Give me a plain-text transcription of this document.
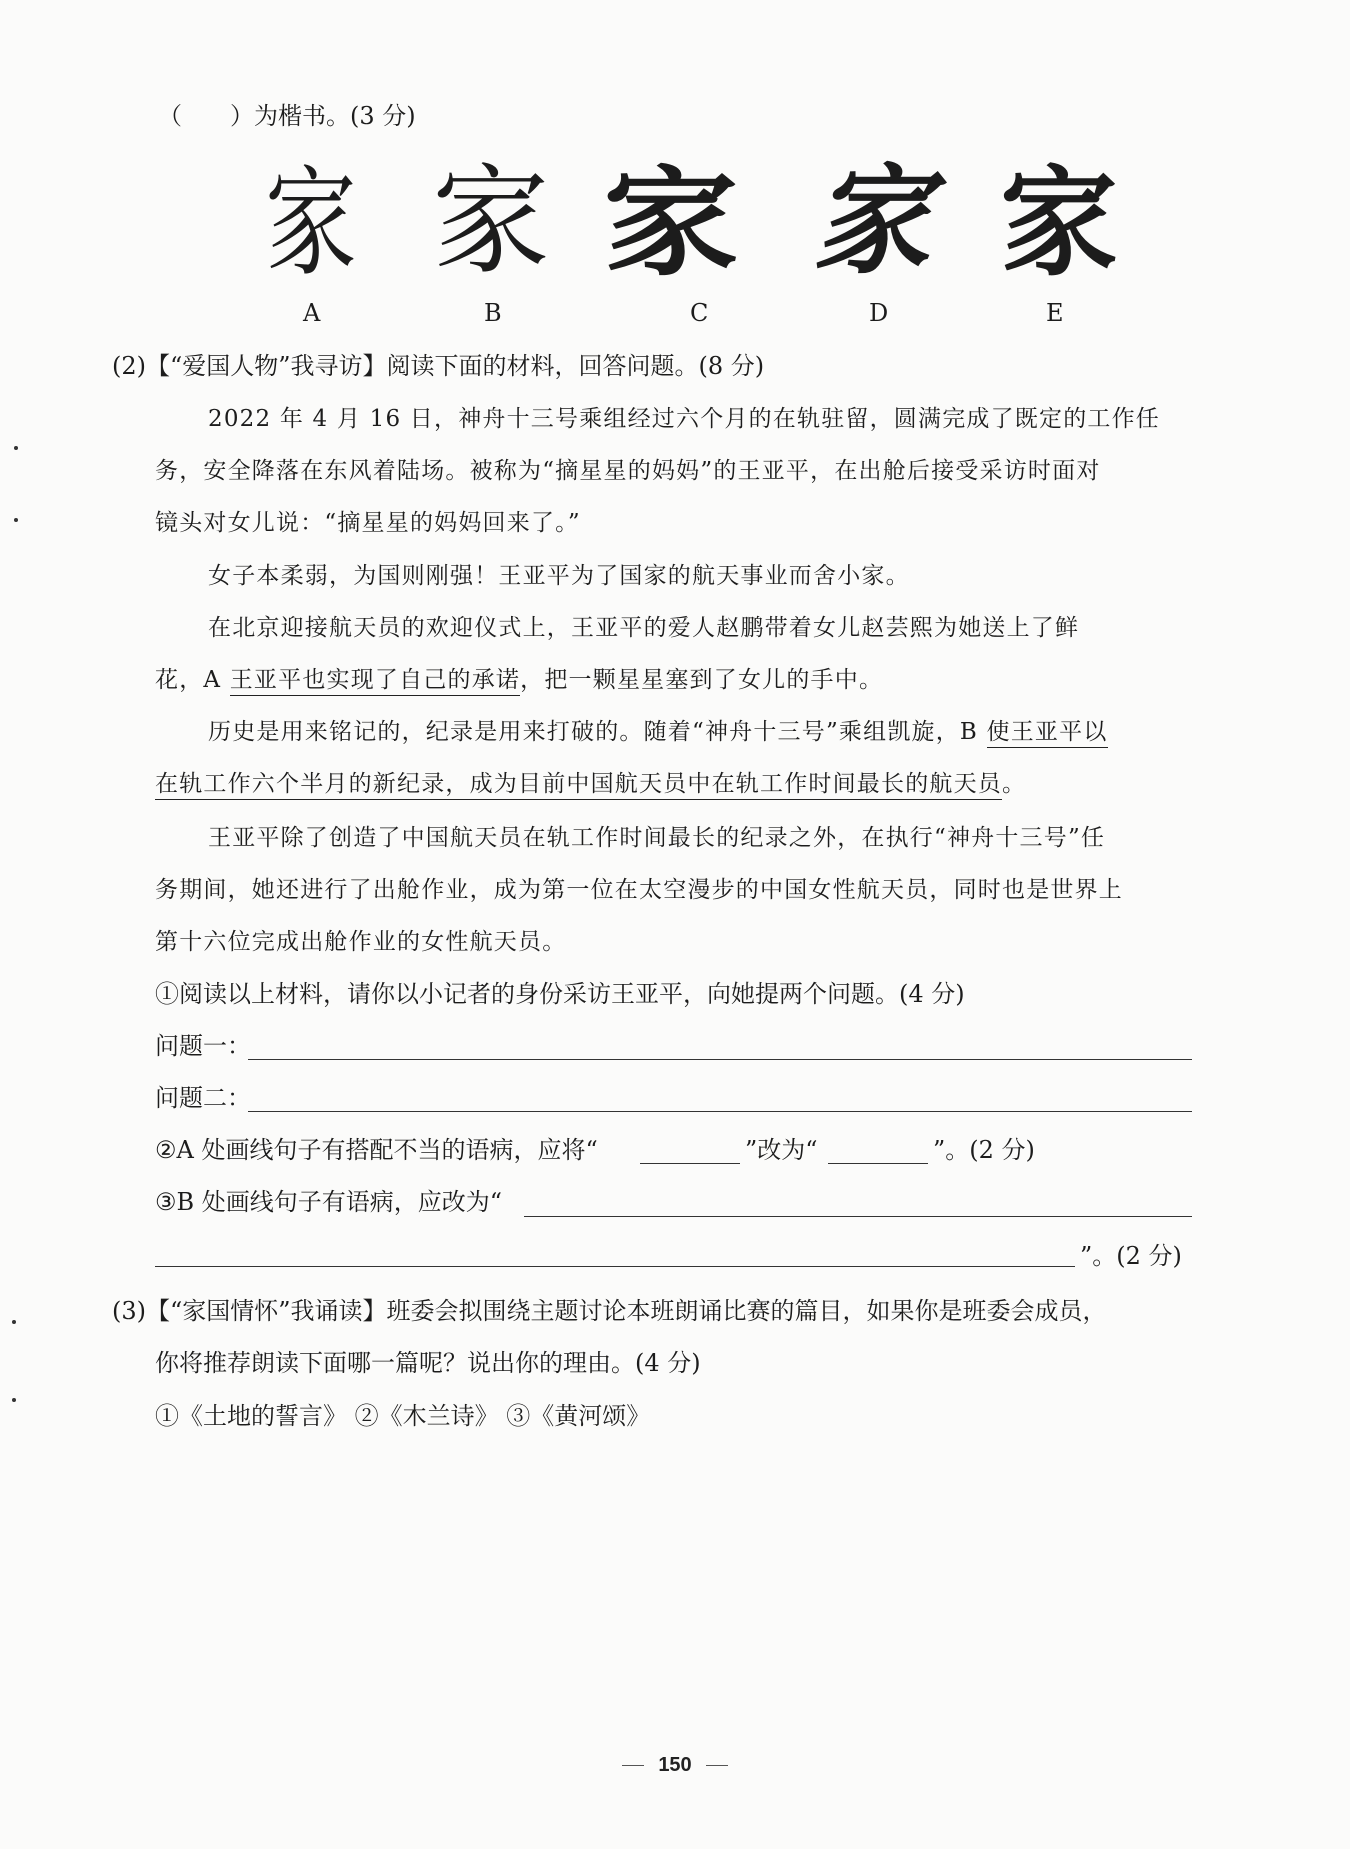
（　　）为楷书。(3 分)
家 家 家 家 家
A	B	C	D	E
(2)【“爱国人物”我寻访】阅读下面的材料，回答问题。(8 分)
2022 年 4 月 16 日，神舟十三号乘组经过六个月的在轨驻留，圆满完成了既定的工作任
务，安全降落在东风着陆场。被称为“摘星星的妈妈”的王亚平，在出舱后接受采访时面对
镜头对女儿说：“摘星星的妈妈回来了。”
女子本柔弱，为国则刚强！王亚平为了国家的航天事业而舍小家。
在北京迎接航天员的欢迎仪式上，王亚平的爱人赵鹏带着女儿赵芸熙为她送上了鲜
花，A 王亚平也实现了自己的承诺，把一颗星星塞到了女儿的手中。
历史是用来铭记的，纪录是用来打破的。随着“神舟十三号”乘组凯旋，B 使王亚平以
在轨工作六个半月的新纪录，成为目前中国航天员中在轨工作时间最长的航天员。
王亚平除了创造了中国航天员在轨工作时间最长的纪录之外，在执行“神舟十三号”任
务期间，她还进行了出舱作业，成为第一位在太空漫步的中国女性航天员，同时也是世界上
第十六位完成出舱作业的女性航天员。
①阅读以上材料，请你以小记者的身份采访王亚平，向她提两个问题。(4 分)
问题一：
问题二：
②A 处画线句子有搭配不当的语病，应将“	”改为“	”。(2 分)
③B 处画线句子有语病，应改为“
”。(2 分)
(3)【“家国情怀”我诵读】班委会拟围绕主题讨论本班朗诵比赛的篇目，如果你是班委会成员，
你将推荐朗读下面哪一篇呢？说出你的理由。(4 分)
①《土地的誓言》 ②《木兰诗》 ③《黄河颂》
150
